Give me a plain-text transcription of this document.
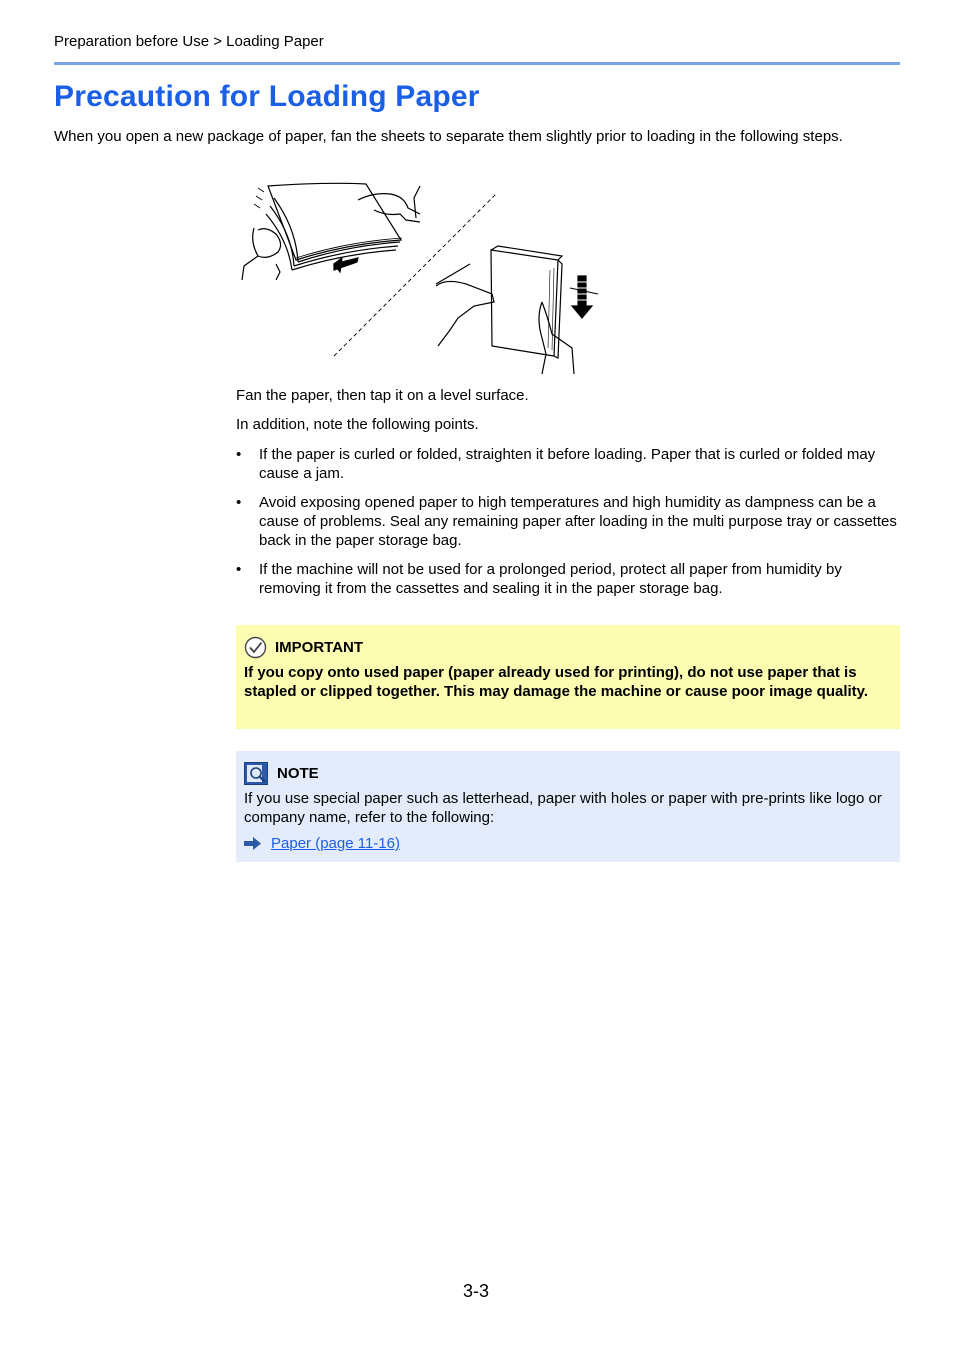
Preparation before Use > Loading Paper
Precaution for Loading Paper
When you open a new package of paper, fan the sheets to separate them slightly prior to loading in the following steps.
Fan the paper, then tap it on a level surface.
In addition, note the following points.
• If the paper is curled or folded, straighten it before loading. Paper that is curled or folded may cause a jam.
• Avoid exposing opened paper to high temperatures and high humidity as dampness can be a cause of problems. Seal any remaining paper after loading in the multi purpose tray or cassettes back in the paper storage bag.
• If the machine will not be used for a prolonged period, protect all paper from humidity by removing it from the cassettes and sealing it in the paper storage bag.
IMPORTANT
If you copy onto used paper (paper already used for printing), do not use paper that is stapled or clipped together. This may damage the machine or cause poor image quality.
NOTE
If you use special paper such as letterhead, paper with holes or paper with pre-prints like logo or company name, refer to the following:
Paper (page 11-16)
3-3
